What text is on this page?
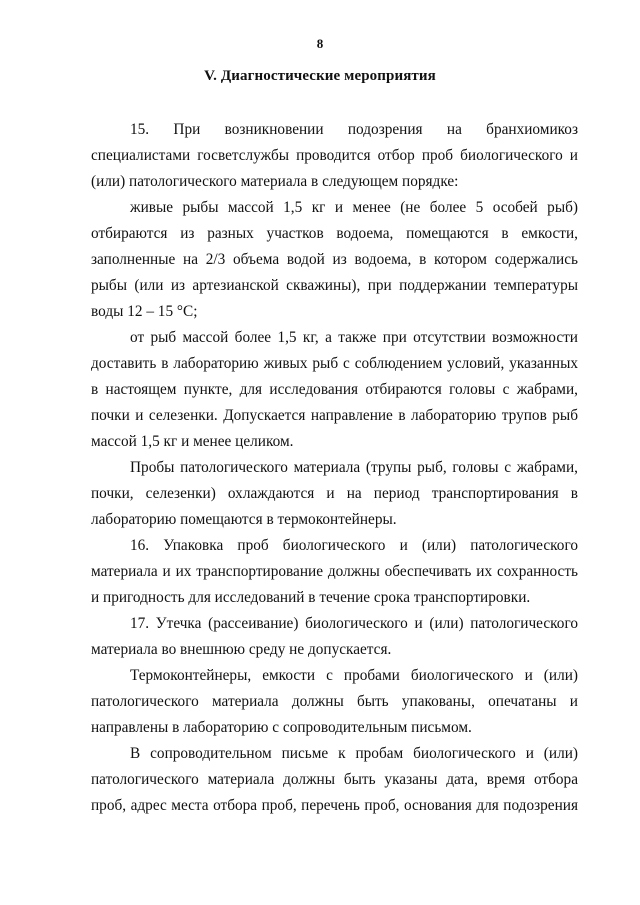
8
V. Диагностические мероприятия

15. При возникновении подозрения на бранхиомикоз специалистами госветслужбы проводится отбор проб биологического и (или) патологического материала в следующем порядке:

живые рыбы массой 1,5 кг и менее (не более 5 особей рыб) отбираются из разных участков водоема, помещаются в емкости, заполненные на 2/3 объема водой из водоема, в котором содержались рыбы (или из артезианской скважины), при поддержании температуры воды 12 – 15 °С;

от рыб массой более 1,5 кг, а также при отсутствии возможности доставить в лабораторию живых рыб с соблюдением условий, указанных в настоящем пункте, для исследования отбираются головы с жабрами, почки и селезенки. Допускается направление в лабораторию трупов рыб массой 1,5 кг и менее целиком.

Пробы патологического материала (трупы рыб, головы с жабрами, почки, селезенки) охлаждаются и на период транспортирования в лабораторию помещаются в термоконтейнеры.

16. Упаковка проб биологического и (или) патологического материала и их транспортирование должны обеспечивать их сохранность и пригодность для исследований в течение срока транспортировки.

17. Утечка (рассеивание) биологического и (или) патологического материала во внешнюю среду не допускается.

Термоконтейнеры, емкости с пробами биологического и (или) патологического материала должны быть упакованы, опечатаны и направлены в лабораторию с сопроводительным письмом.

В сопроводительном письме к пробам биологического и (или) патологического материала должны быть указаны дата, время отбора проб, адрес места отбора проб, перечень проб, основания для подозрения
